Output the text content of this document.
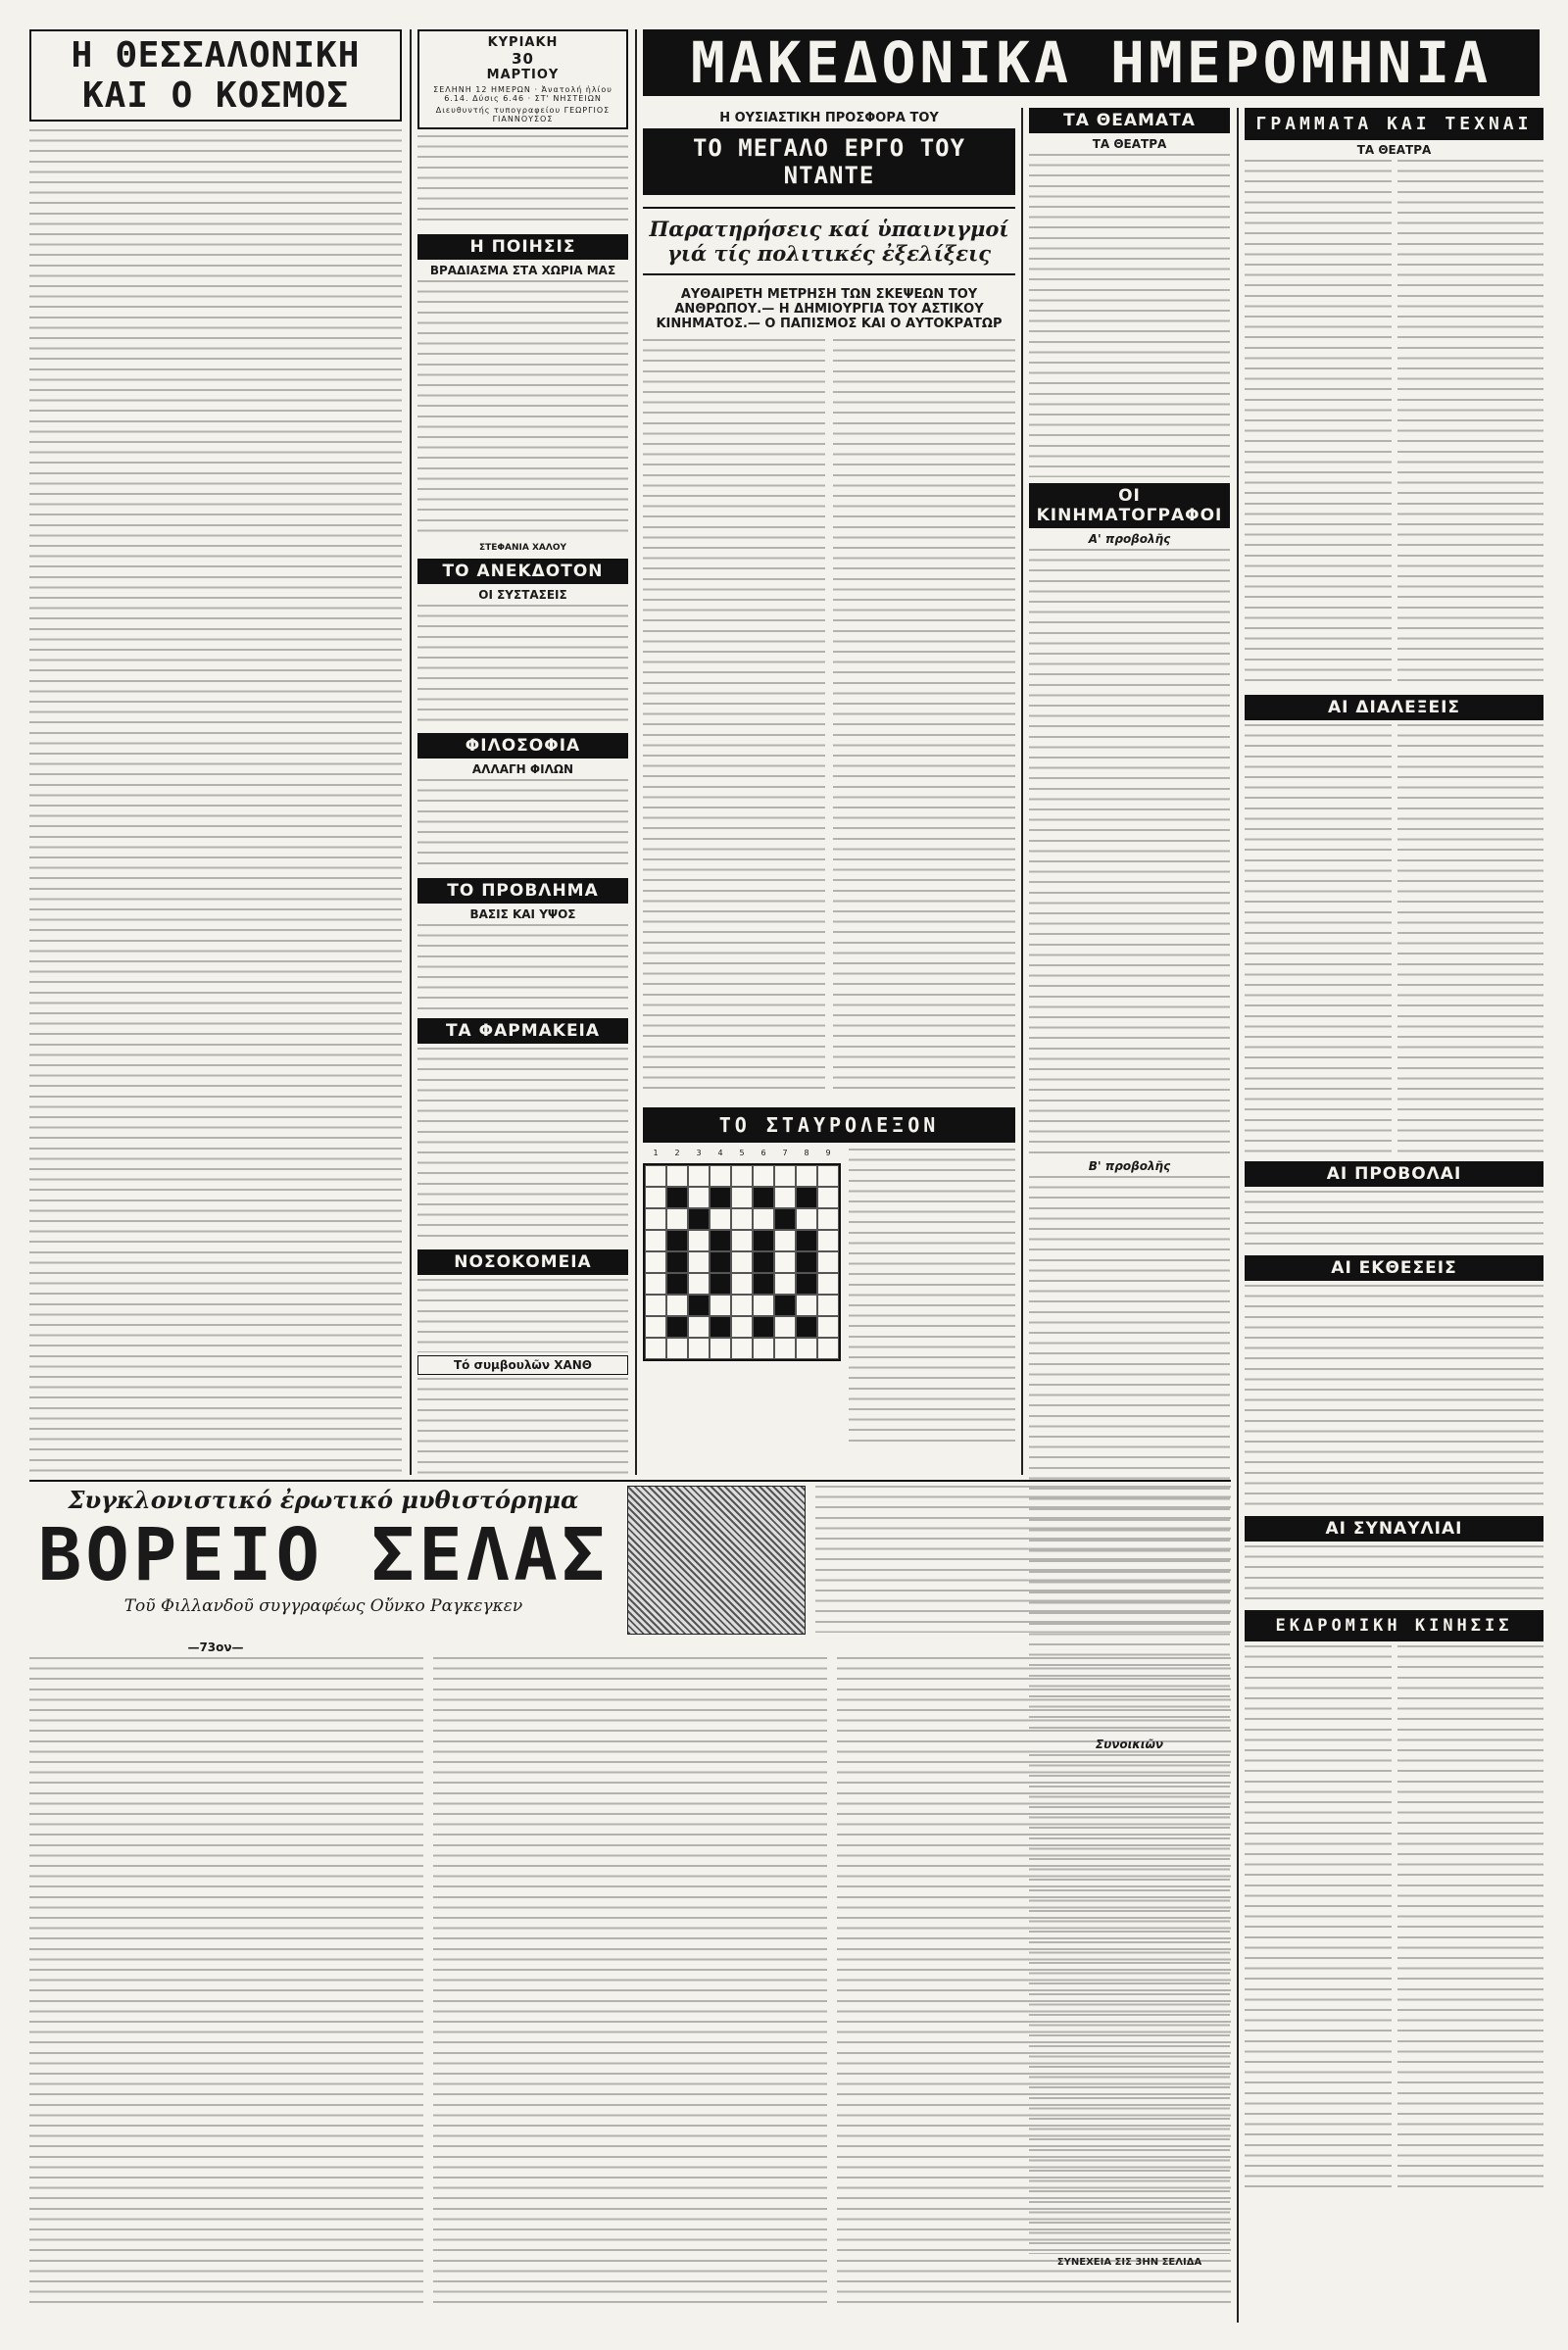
Η ΘΕΣΣΑΛΟΝΙΚΗ
ΚΑΙ Ο ΚΟΣΜΟΣ
ΚΥΡΙΑΚΗ
30
ΜΑΡΤΙΟΥ
ΣΕΛΗΝΗ 12 ΗΜΕΡΩΝ · Ἀνατολή ἡλίου 6.14. Δύσις 6.46 · ΣΤ' ΝΗΣΤΕΙΩΝ
Διευθυντής τυπογραφείου ΓΕΩΡΓΙΟΣ ΓΙΑΝΝΟΥΣΟΣ
Η ΠΟΙΗΣΙΣ
ΒΡΑΔΙΑΣΜΑ ΣΤΑ ΧΩΡΙΑ ΜΑΣ
ΣΤΕΦΑΝΙΑ ΧΑΛΟΥ
ΤΟ ΑΝΕΚΔΟΤΟΝ
ΟΙ ΣΥΣΤΑΣΕΙΣ
ΦΙΛΟΣΟΦΙΑ
ΑΛΛΑΓΗ ΦΙΛΩΝ
ΤΟ ΠΡΟΒΛΗΜΑ
ΒΑΣΙΣ ΚΑΙ ΥΨΟΣ
ΤΑ ΦΑΡΜΑΚΕΙΑ
ΝΟΣΟΚΟΜΕΙΑ
Τό συμβουλῶν ΧΑΝΘ
ΜΑΚΕΔΟΝΙΚΑ ΗΜΕΡΟΜΗΝΙΑ
Η ΟΥΣΙΑΣΤΙΚΗ ΠΡΟΣΦΟΡΑ ΤΟΥ
ΤΟ ΜΕΓΑΛΟ ΕΡΓΟ ΤΟΥ ΝΤΑΝΤΕ
Παρατηρήσεις καί ὑπαινιγμοί γιά τίς πολιτικές ἐξελίξεις
ΑΥΘΑΙΡΕΤΗ ΜΕΤΡΗΣΗ ΤΩΝ ΣΚΕΨΕΩΝ ΤΟΥ ΑΝΘΡΩΠΟΥ.— Η ΔΗΜΙΟΥΡΓΙΑ ΤΟΥ ΑΣΤΙΚΟΥ ΚΙΝΗΜΑΤΟΣ.— Ο ΠΑΠΙΣΜΟΣ ΚΑΙ Ο ΑΥΤΟΚΡΑΤΩΡ
ΤΟ ΣΤΑΥΡΟΛΕΞΟΝ
1	2	3	4	5	6	7	8	9
ΤΑ ΘΕΑΜΑΤΑ
ΤΑ ΘΕΑΤΡΑ
ΟΙ ΚΙΝΗΜΑΤΟΓΡΑΦΟΙ
Α' προβολῆς
Β' προβολῆς
Συνοικιῶν
ΣΥΝΕΧΕΙΑ ΣΙΣ 3ΗΝ ΣΕΛΙΔΑ
ΓΡΑΜΜΑΤΑ ΚΑΙ ΤΕΧΝΑΙ
ΤΑ ΘΕΑΤΡΑ
ΑΙ ΔΙΑΛΕΞΕΙΣ
ΑΙ ΠΡΟΒΟΛΑΙ
ΑΙ ΕΚΘΕΣΕΙΣ
ΑΙ ΣΥΝΑΥΛΙΑΙ
ΕΚΔΡΟΜΙΚΗ ΚΙΝΗΣΙΣ
Συγκλονιστικό ἐρωτικό μυθιστόρημα
ΒΟΡΕΙΟ ΣΕΛΑΣ
Τοῦ Φιλλανδοῦ συγγραφέως Οὔνκο Ραγκεγκεν
—73ον—
